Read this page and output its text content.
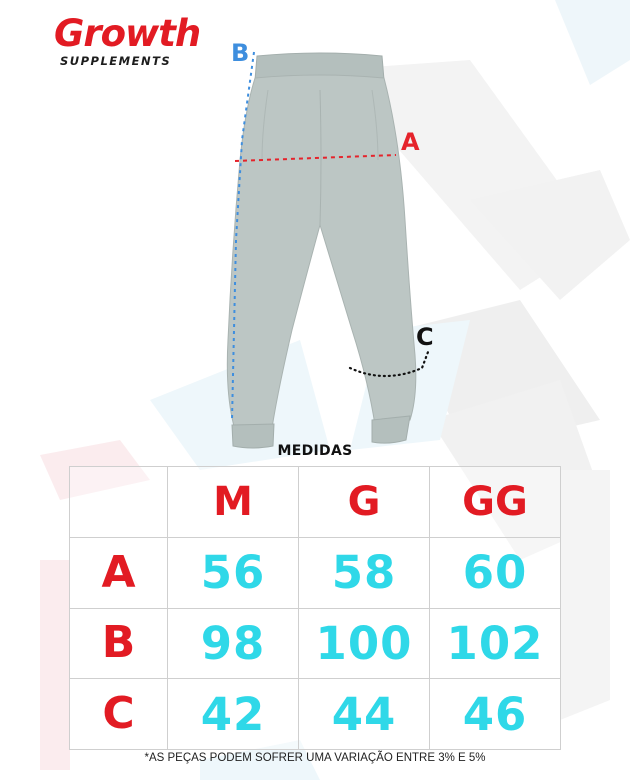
Growth
SUPPLEMENTS B
A
C
MEDIDAS
	M	G	GG
A	56	58	60
B	98	100	102
C	42	44	46
*AS PEÇAS PODEM SOFRER UMA VARIAÇÃO ENTRE 3% E 5%
